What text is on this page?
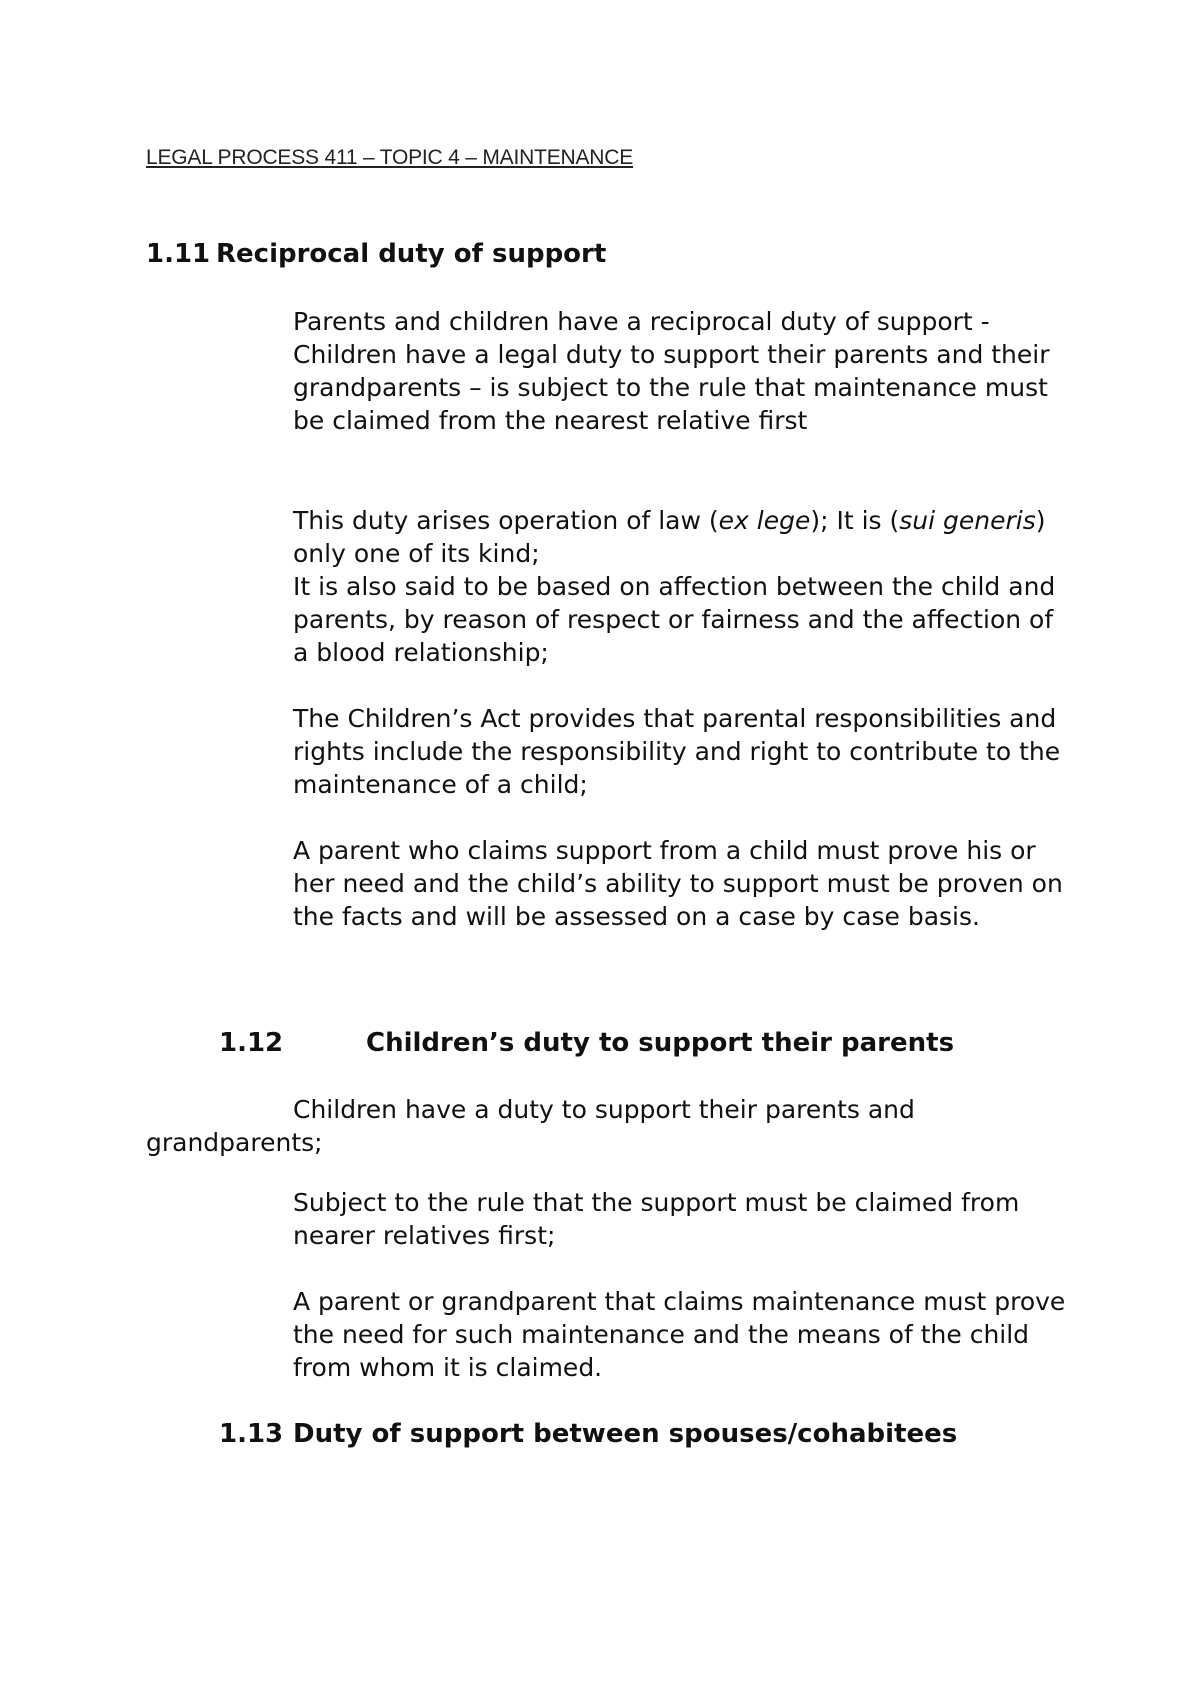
LEGAL PROCESS 411 – TOPIC 4 – MAINTENANCE
1.11 Reciprocal duty of support

Parents and children have a reciprocal duty of support - Children have a legal duty to support their parents and their grandparents – is subject to the rule that maintenance must be claimed from the nearest relative first

This duty arises operation of law (ex lege); It is (sui generis) only one of its kind;

It is also said to be based on affection between the child and parents, by reason of respect or fairness and the affection of a blood relationship;

The Children’s Act provides that parental responsibilities and rights include the responsibility and right to contribute to the maintenance of a child;

A parent who claims support from a child must prove his or her need and the child’s ability to support must be proven on the facts and will be assessed on a case by case basis.

1.12	Children’s duty to support their parents

Children have a duty to support their parents and grandparents;

Subject to the rule that the support must be claimed from nearer relatives first;

A parent or grandparent that claims maintenance must prove the need for such maintenance and the means of the child from whom it is claimed.

1.13 Duty of support between spouses/cohabitees
